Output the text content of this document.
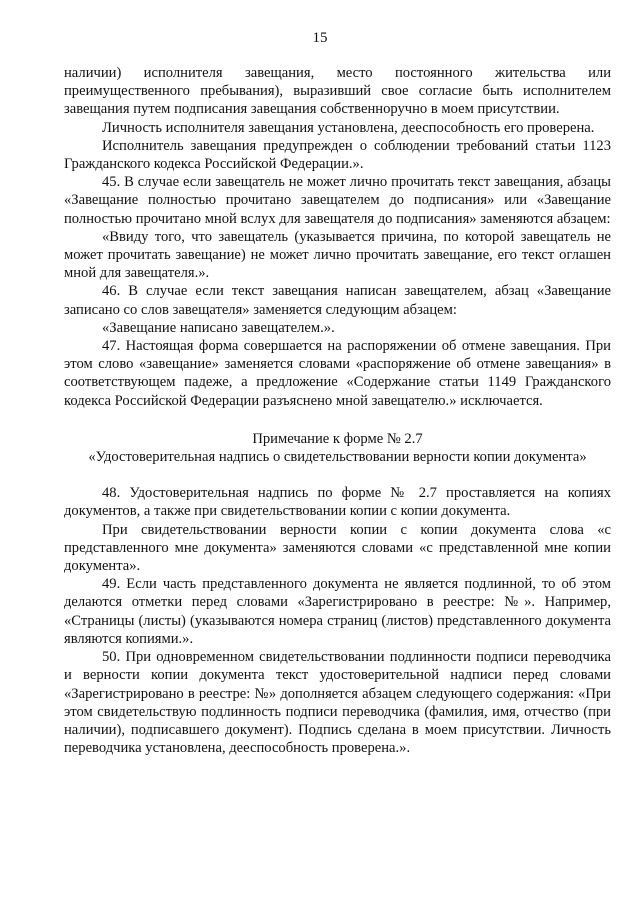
15

наличии) исполнителя завещания, место постоянного жительства или преимущественного пребывания), выразивший свое согласие быть исполнителем завещания путем подписания завещания собственноручно в моем присутствии.

Личность исполнителя завещания установлена, дееспособность его проверена.

Исполнитель завещания предупрежден о соблюдении требований статьи 1123 Гражданского кодекса Российской Федерации.».

45. В случае если завещатель не может лично прочитать текст завещания, абзацы «Завещание полностью прочитано завещателем до подписания» или «Завещание полностью прочитано мной вслух для завещателя до подписания» заменяются абзацем:

«Ввиду того, что завещатель (указывается причина, по которой завещатель не может прочитать завещание) не может лично прочитать завещание, его текст оглашен мной для завещателя.».

46. В случае если текст завещания написан завещателем, абзац «Завещание записано со слов завещателя» заменяется следующим абзацем:

«Завещание написано завещателем.».

47. Настоящая форма совершается на распоряжении об отмене завещания. При этом слово «завещание» заменяется словами «распоряжение об отмене завещания» в соответствующем падеже, а предложение «Содержание статьи 1149 Гражданского кодекса Российской Федерации разъяснено мной завещателю.» исключается.

Примечание к форме № 2.7
«Удостоверительная надпись о свидетельствовании верности копии документа»

48. Удостоверительная надпись по форме № 2.7 проставляется на копиях документов, а также при свидетельствовании копии с копии документа.

При свидетельствовании верности копии с копии документа слова «с представленного мне документа» заменяются словами «с представленной мне копии документа».

49. Если часть представленного документа не является подлинной, то об этом делаются отметки перед словами «Зарегистрировано в реестре: №». Например, «Страницы (листы) (указываются номера страниц (листов) представленного документа являются копиями.».

50. При одновременном свидетельствовании подлинности подписи переводчика и верности копии документа текст удостоверительной надписи перед словами «Зарегистрировано в реестре: №» дополняется абзацем следующего содержания: «При этом свидетельствую подлинность подписи переводчика (фамилия, имя, отчество (при наличии), подписавшего документ). Подпись сделана в моем присутствии. Личность переводчика установлена, дееспособность проверена.».
